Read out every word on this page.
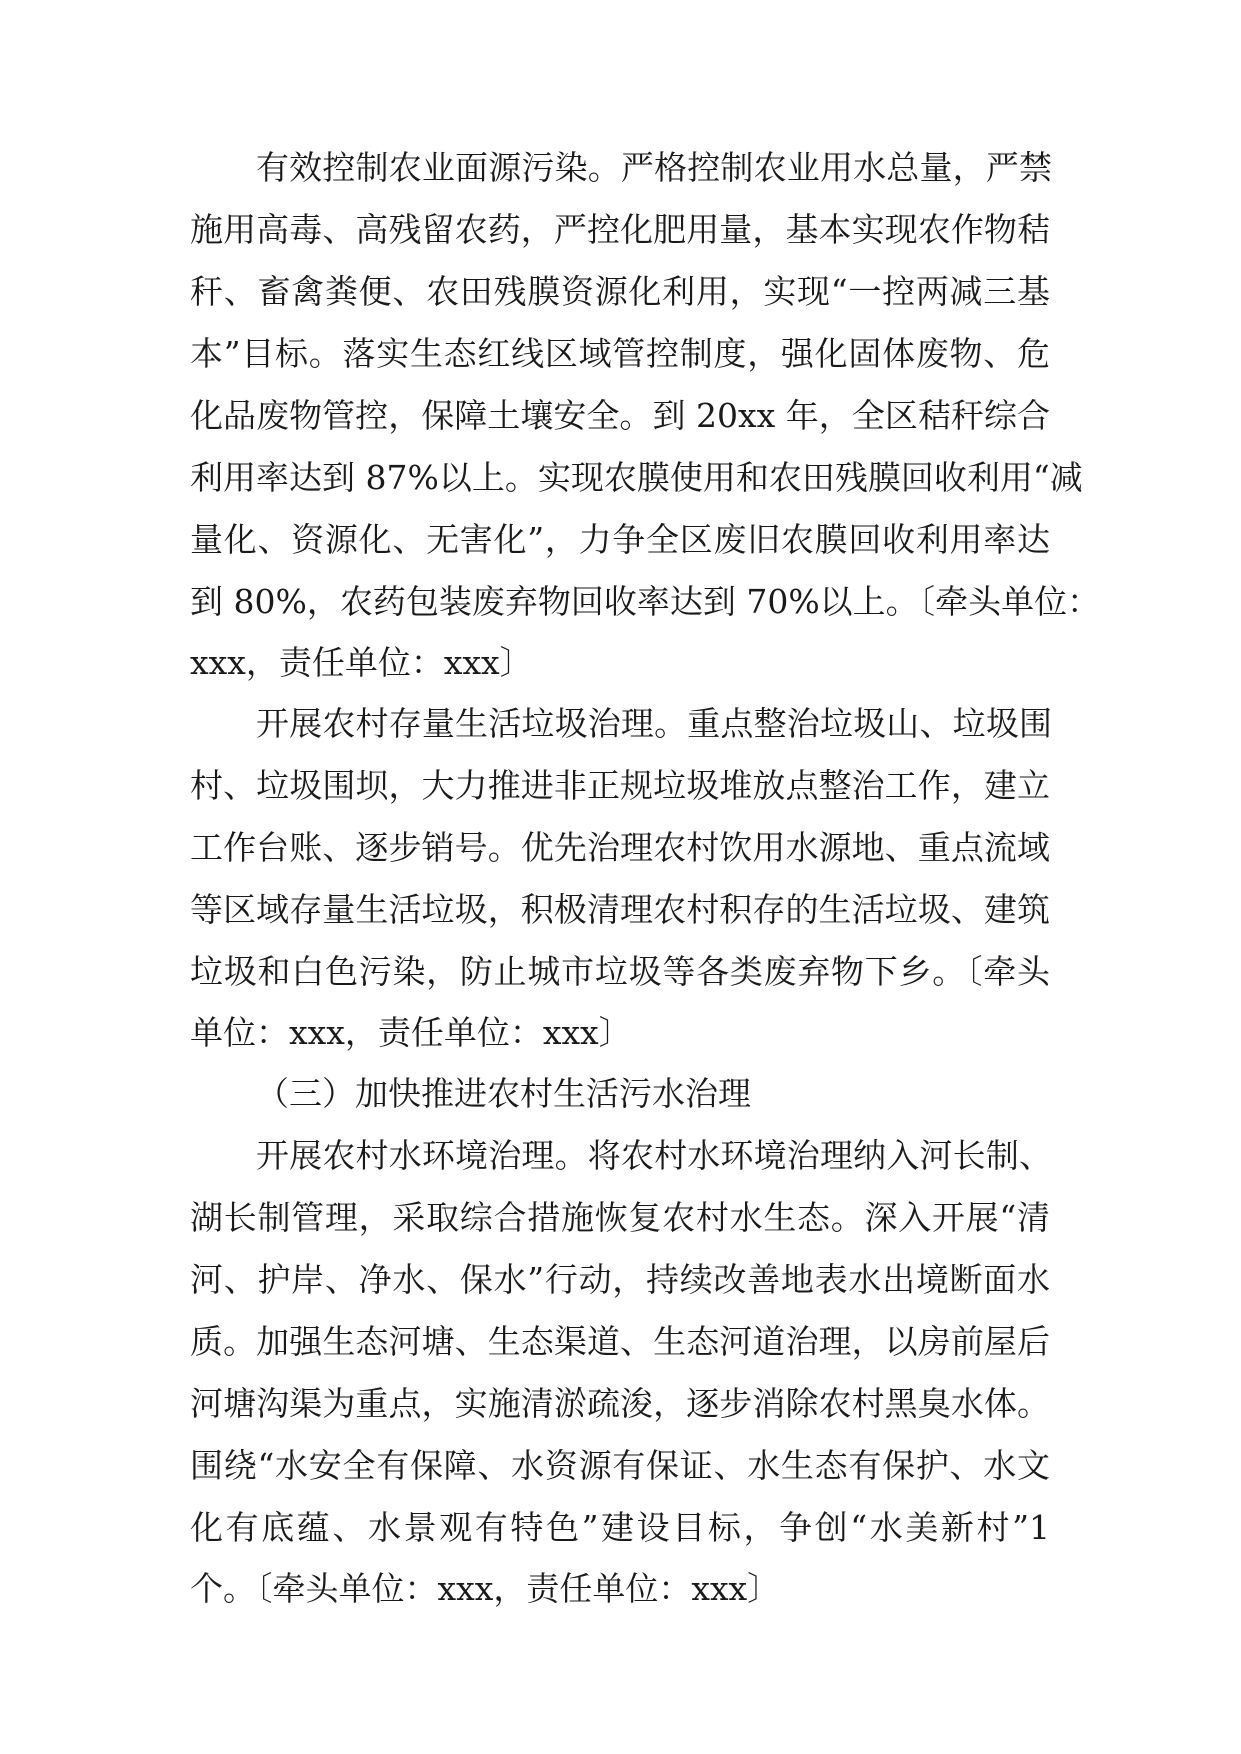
有效控制农业面源污染。严格控制农业用水总量，严禁

施用高毒、高残留农药，严控化肥用量，基本实现农作物秸

秆、畜禽粪便、农田残膜资源化利用，实现“一控两减三基

本”目标。落实生态红线区域管控制度，强化固体废物、危

化品废物管控，保障土壤安全。到 20xx 年，全区秸秆综合

利用率达到 87%以上。实现农膜使用和农田残膜回收利用“减

量化、资源化、无害化”，力争全区废旧农膜回收利用率达

到 80%，农药包装废弃物回收率达到 70%以上。〔牵头单位：

xxx，责任单位：xxx〕

开展农村存量生活垃圾治理。重点整治垃圾山、垃圾围

村、垃圾围坝，大力推进非正规垃圾堆放点整治工作，建立

工作台账、逐步销号。优先治理农村饮用水源地、重点流域

等区域存量生活垃圾，积极清理农村积存的生活垃圾、建筑

垃圾和白色污染，防止城市垃圾等各类废弃物下乡。〔牵头

单位：xxx，责任单位：xxx〕

（三）加快推进农村生活污水治理

开展农村水环境治理。将农村水环境治理纳入河长制、

湖长制管理，采取综合措施恢复农村水生态。深入开展“清

河、护岸、净水、保水”行动，持续改善地表水出境断面水

质。加强生态河塘、生态渠道、生态河道治理，以房前屋后

河塘沟渠为重点，实施清淤疏浚，逐步消除农村黑臭水体。

围绕“水安全有保障、水资源有保证、水生态有保护、水文

化有底蕴、水景观有特色”建设目标，争创“水美新村”1

个。〔牵头单位：xxx，责任单位：xxx〕
